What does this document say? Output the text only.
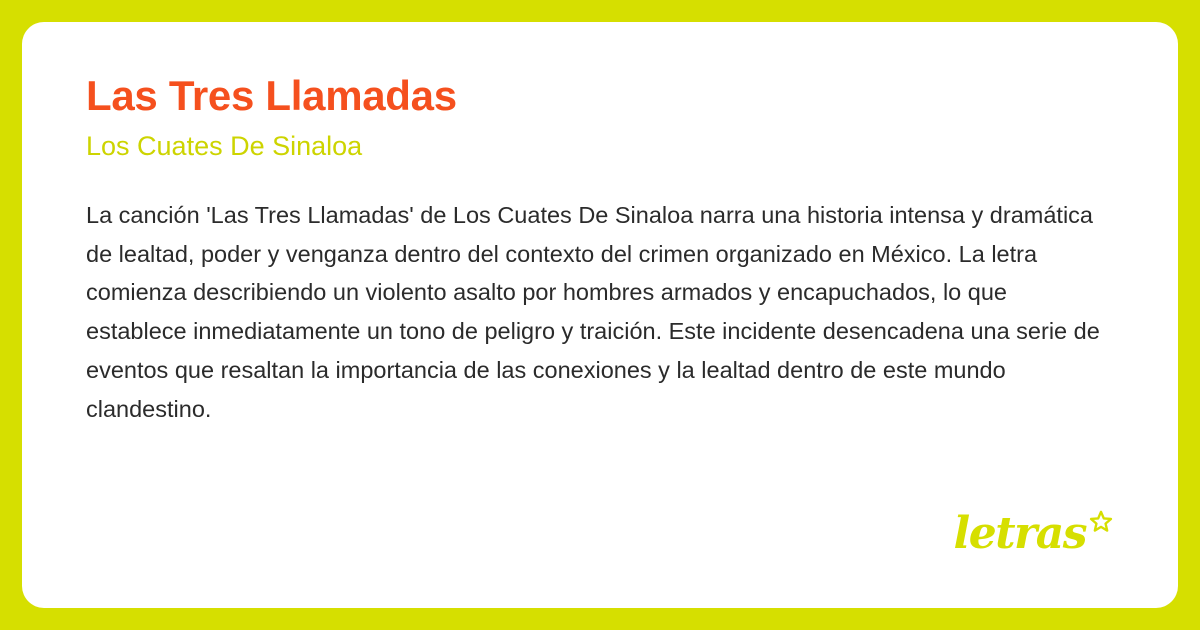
Las Tres Llamadas
Los Cuates De Sinaloa

La canción 'Las Tres Llamadas' de Los Cuates De Sinaloa narra una historia intensa y dramática de lealtad, poder y venganza dentro del contexto del crimen organizado en México. La letra comienza describiendo un violento asalto por hombres armados y encapuchados, lo que establece inmediatamente un tono de peligro y traición. Este incidente desencadena una serie de eventos que resaltan la importancia de las conexiones y la lealtad dentro de este mundo clandestino.

letras
